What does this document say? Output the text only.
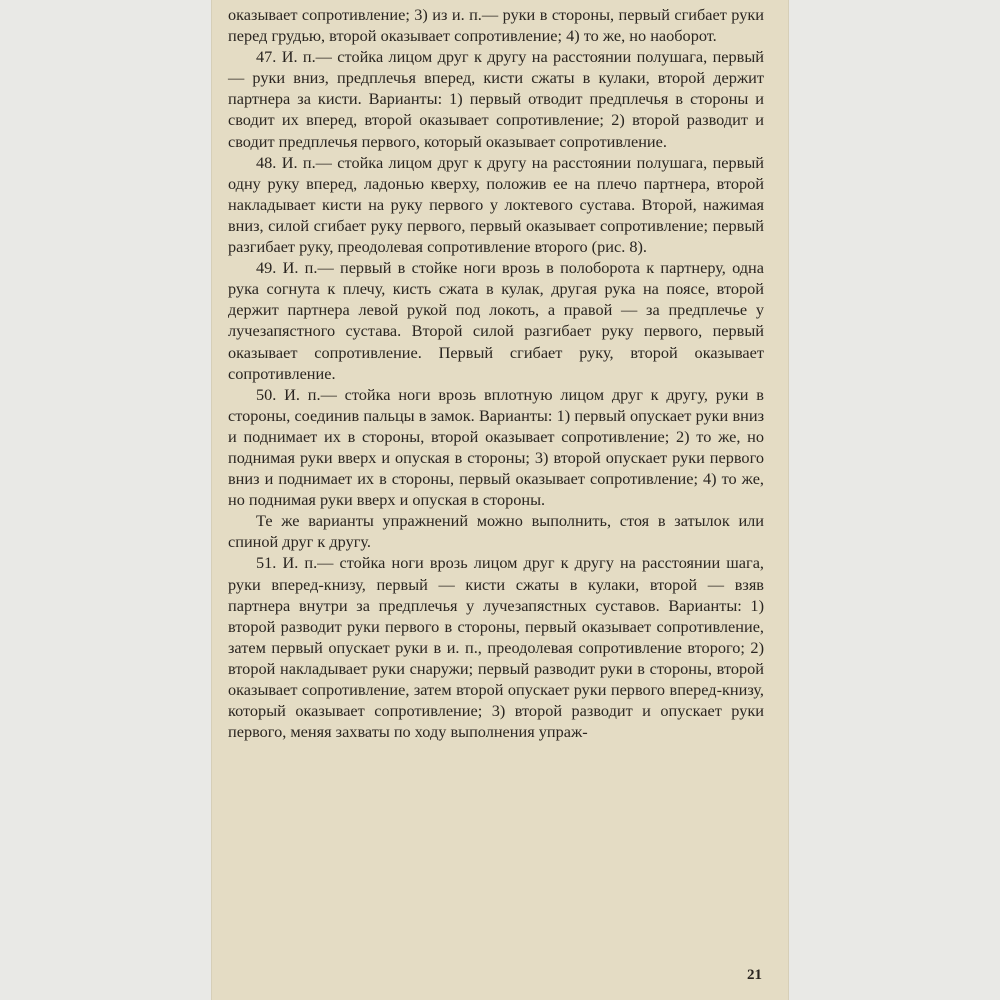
оказывает сопротивление; 3) из и. п.— руки в стороны, первый сгибает руки перед грудью, второй оказывает сопротивление; 4) то же, но наоборот.

47. И. п.— стойка лицом друг к другу на расстоянии полушага, первый — руки вниз, предплечья вперед, кисти сжаты в кулаки, второй держит партнера за кисти. Варианты: 1) первый отводит предплечья в стороны и сводит их вперед, второй оказывает сопротивление; 2) второй разводит и сводит предплечья первого, который оказывает сопротивление.

48. И. п.— стойка лицом друг к другу на расстоянии полушага, первый одну руку вперед, ладонью кверху, положив ее на плечо партнера, второй накладывает кисти на руку первого у локтевого сустава. Второй, нажимая вниз, силой сгибает руку первого, первый оказывает сопротивление; первый разгибает руку, преодолевая сопротивление второго (рис. 8).

49. И. п.— первый в стойке ноги врозь в полоборота к партнеру, одна рука согнута к плечу, кисть сжата в кулак, другая рука на поясе, второй держит партнера левой рукой под локоть, а правой — за предплечье у лучезапястного сустава. Второй силой разгибает руку первого, первый оказывает сопротивление. Первый сгибает руку, второй оказывает сопротивление.

50. И. п.— стойка ноги врозь вплотную лицом друг к другу, руки в стороны, соединив пальцы в замок. Варианты: 1) первый опускает руки вниз и поднимает их в стороны, второй оказывает сопротивление; 2) то же, но поднимая руки вверх и опуская в стороны; 3) второй опускает руки первого вниз и поднимает их в стороны, первый оказывает сопротивление; 4) то же, но поднимая руки вверх и опуская в стороны.

Те же варианты упражнений можно выполнить, стоя в затылок или спиной друг к другу.

51. И. п.— стойка ноги врозь лицом друг к другу на расстоянии шага, руки вперед-книзу, первый — кисти сжаты в кулаки, второй — взяв партнера внутри за предплечья у лучезапястных суставов. Варианты: 1) второй разводит руки первого в стороны, первый оказывает сопротивление, затем первый опускает руки в и. п., преодолевая сопротивление второго; 2) второй накладывает руки снаружи; первый разводит руки в стороны, второй оказывает сопротивление, затем второй опускает руки первого вперед-книзу, который оказывает сопротивление; 3) второй разводит и опускает руки первого, меняя захваты по ходу выполнения упраж-

21
